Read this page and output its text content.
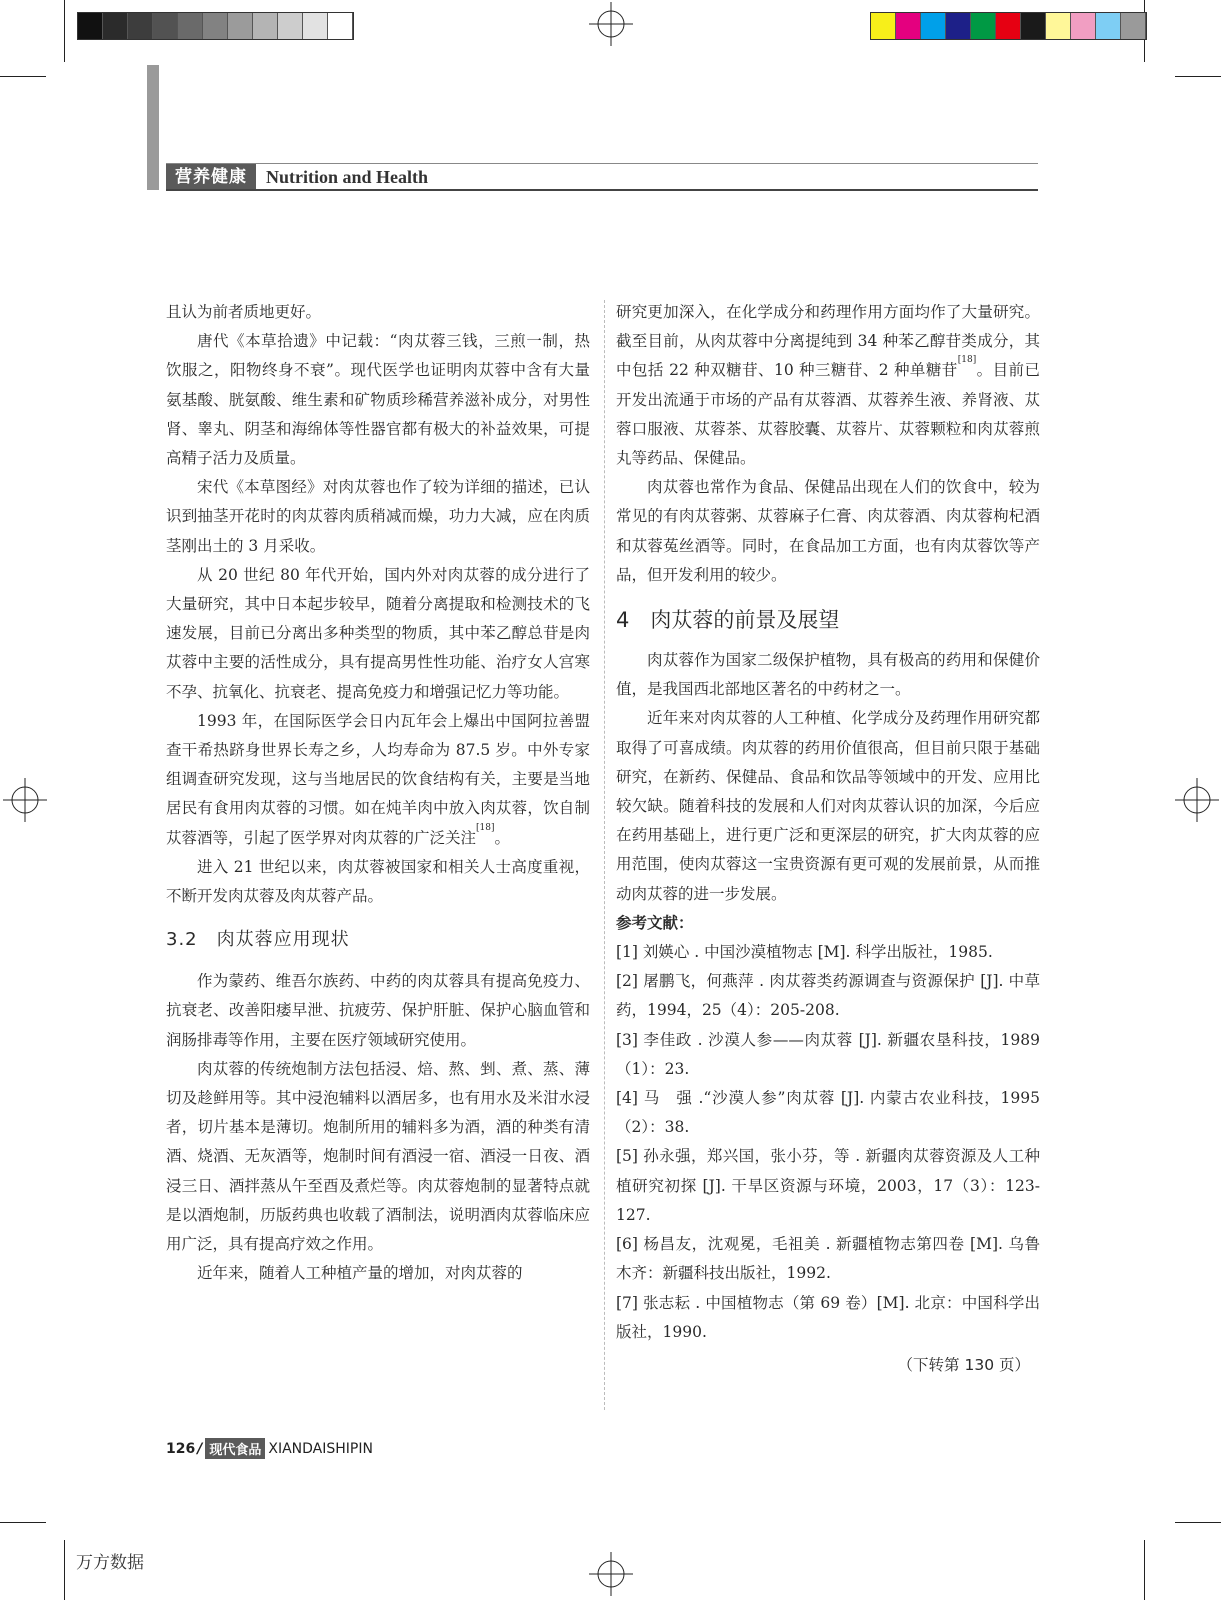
营养健康	Nutrition and Health

且认为前者质地更好。

唐代《本草拾遗》中记载：“肉苁蓉三钱，三煎一制，热饮服之，阳物终身不衰”。现代医学也证明肉苁蓉中含有大量氨基酸、胱氨酸、维生素和矿物质珍稀营养滋补成分，对男性肾、睾丸、阴茎和海绵体等性器官都有极大的补益效果，可提高精子活力及质量。

宋代《本草图经》对肉苁蓉也作了较为详细的描述，已认识到抽茎开花时的肉苁蓉肉质稍减而燥，功力大减，应在肉质茎刚出土的 3 月采收。

从 20 世纪 80 年代开始，国内外对肉苁蓉的成分进行了大量研究，其中日本起步较早，随着分离提取和检测技术的飞速发展，目前已分离出多种类型的物质，其中苯乙醇总苷是肉苁蓉中主要的活性成分，具有提高男性性功能、治疗女人宫寒不孕、抗氧化、抗衰老、提高免疫力和增强记忆力等功能。

1993 年，在国际医学会日内瓦年会上爆出中国阿拉善盟查干希热跻身世界长寿之乡，人均寿命为 87.5 岁。中外专家组调查研究发现，这与当地居民的饮食结构有关，主要是当地居民有食用肉苁蓉的习惯。如在炖羊肉中放入肉苁蓉，饮自制苁蓉酒等，引起了医学界对肉苁蓉的广泛关注[18]。

进入 21 世纪以来，肉苁蓉被国家和相关人士高度重视，不断开发肉苁蓉及肉苁蓉产品。

3.2　肉苁蓉应用现状

作为蒙药、维吾尔族药、中药的肉苁蓉具有提高免疫力、抗衰老、改善阳痿早泄、抗疲劳、保护肝脏、保护心脑血管和润肠排毒等作用，主要在医疗领域研究使用。

肉苁蓉的传统炮制方法包括浸、焙、熬、剉、煮、蒸、薄切及趁鲜用等。其中浸泡辅料以酒居多，也有用水及米泔水浸者，切片基本是薄切。炮制所用的辅料多为酒，酒的种类有清酒、烧酒、无灰酒等，炮制时间有酒浸一宿、酒浸一日夜、酒浸三日、酒拌蒸从午至酉及煮烂等。肉苁蓉炮制的显著特点就是以酒炮制，历版药典也收载了酒制法，说明酒肉苁蓉临床应用广泛，具有提高疗效之作用。

近年来，随着人工种植产量的增加，对肉苁蓉的

研究更加深入，在化学成分和药理作用方面均作了大量研究。截至目前，从肉苁蓉中分离提纯到 34 种苯乙醇苷类成分，其中包括 22 种双糖苷、10 种三糖苷、2 种单糖苷[18]。目前已开发出流通于市场的产品有苁蓉酒、苁蓉养生液、养肾液、苁蓉口服液、苁蓉茶、苁蓉胶囊、苁蓉片、苁蓉颗粒和肉苁蓉煎丸等药品、保健品。

肉苁蓉也常作为食品、保健品出现在人们的饮食中，较为常见的有肉苁蓉粥、苁蓉麻子仁膏、肉苁蓉酒、肉苁蓉枸杞酒和苁蓉菟丝酒等。同时，在食品加工方面，也有肉苁蓉饮等产品，但开发利用的较少。

4　肉苁蓉的前景及展望

肉苁蓉作为国家二级保护植物，具有极高的药用和保健价值，是我国西北部地区著名的中药材之一。

近年来对肉苁蓉的人工种植、化学成分及药理作用研究都取得了可喜成绩。肉苁蓉的药用价值很高，但目前只限于基础研究，在新药、保健品、食品和饮品等领域中的开发、应用比较欠缺。随着科技的发展和人们对肉苁蓉认识的加深，今后应在药用基础上，进行更广泛和更深层的研究，扩大肉苁蓉的应用范围，使肉苁蓉这一宝贵资源有更可观的发展前景，从而推动肉苁蓉的进一步发展。

参考文献：

[1] 刘媖心 . 中国沙漠植物志 [M]. 科学出版社，1985.

[2] 屠鹏飞，何燕萍 . 肉苁蓉类药源调查与资源保护 [J]. 中草药，1994，25（4）：205-208.

[3] 李佳政 . 沙漠人参——肉苁蓉 [J]. 新疆农垦科技，1989（1）：23.

[4] 马　强 .“沙漠人参”肉苁蓉 [J]. 内蒙古农业科技，1995（2）：38.

[5] 孙永强，郑兴国，张小芬，等 . 新疆肉苁蓉资源及人工种植研究初探 [J]. 干旱区资源与环境，2003，17（3）：123-127.

[6] 杨昌友，沈观冕，毛祖美 . 新疆植物志第四卷 [M]. 乌鲁木齐：新疆科技出版社，1992.

[7] 张志耘 . 中国植物志（第 69 卷）[M]. 北京：中国科学出版社，1990.

（下转第 130 页）
126 / 现代食品 XIANDAISHIPIN
万方数据
